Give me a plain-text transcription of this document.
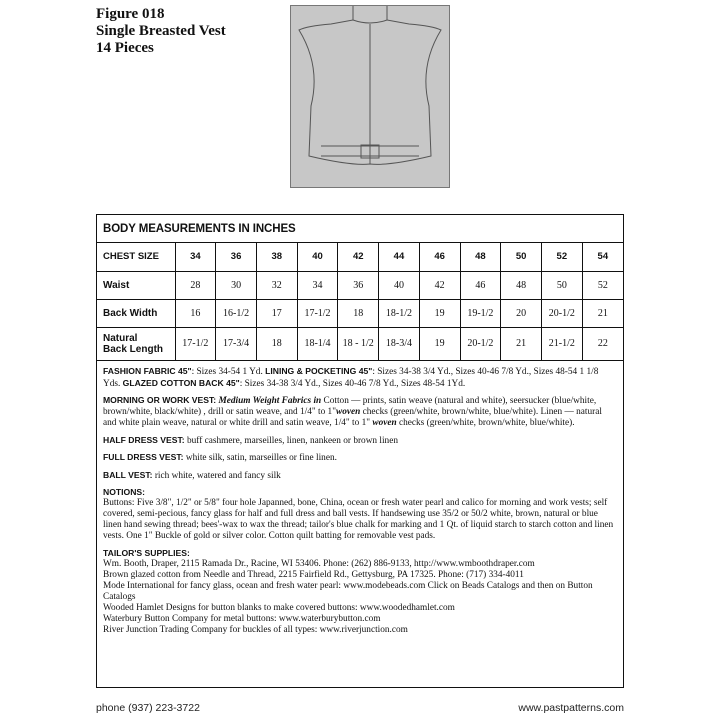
Figure 018
Single Breasted Vest
14 Pieces
BODY MEASUREMENTS IN INCHES
CHEST SIZE	34	36	38	40	42	44	46	48	50	52	54
Waist	28	30	32	34	36	40	42	46	48	50	52
Back Width	16	16-1/2	17	17-1/2	18	18-1/2	19	19-1/2	20	20-1/2	21
Natural
Back Length	17-1/2	17-3/4	18	18-1/4	18 - 1/2	18-3/4	19	20-1/2	21	21-1/2	22

FASHION FABRIC 45": Sizes 34-54 1 Yd. LINING & POCKETING 45": Sizes 34-38 3/4 Yd., Sizes 40-46 7/8 Yd., Sizes 48-54 1 1/8 Yds. GLAZED COTTON BACK 45": Sizes 34-38 3/4 Yd., Sizes 40-46 7/8 Yd., Sizes 48-54 1Yd.

MORNING OR WORK VEST: Medium Weight Fabrics in Cotton — prints, satin weave (natural and white), seersucker (blue/white, brown/white, black/white) , drill or satin weave, and 1/4" to 1"woven checks (green/white, brown/white, blue/white). Linen — natural and white plain weave, natural or white drill and satin weave, 1/4" to 1" woven checks (green/white, brown/white, blue/white).

HALF DRESS VEST: buff cashmere, marseilles, linen, nankeen or brown linen

FULL DRESS VEST: white silk, satin, marseilles or fine linen.

BALL VEST: rich white, watered and fancy silk

NOTIONS:
Buttons: Five 3/8", 1/2" or 5/8" four hole Japanned, bone, China, ocean or fresh water pearl and calico for morning and work vests; self covered, semi-pecious, fancy glass for half and full dress and ball vests. If handsewing use 35/2 or 50/2 white, brown, natural or blue linen hand sewing thread; bees'-wax to wax the thread; tailor's blue chalk for marking and 1 Qt. of liquid starch to starch cotton and linen vests. One 1" Buckle of gold or silver color. Cotton quilt batting for removable vest pads.

TAILOR'S SUPPLIES:
Wm. Booth, Draper, 2115 Ramada Dr., Racine, WI 53406. Phone: (262) 886-9133, http://www.wmboothdraper.com
Brown glazed cotton from Needle and Thread, 2215 Fairfield Rd., Gettysburg, PA 17325. Phone: (717) 334-4011
Mode International for fancy glass, ocean and fresh water pearl: www.modebeads.com Click on Beads Catalogs and then on Button Catalogs
Wooded Hamlet Designs for button blanks to make covered buttons: www.woodedhamlet.com
Waterbury Button Company for metal buttons: www.waterburybutton.com
River Junction Trading Company for buckles of all types: www.riverjunction.com

phone (937) 223-3722	www.pastpatterns.com
